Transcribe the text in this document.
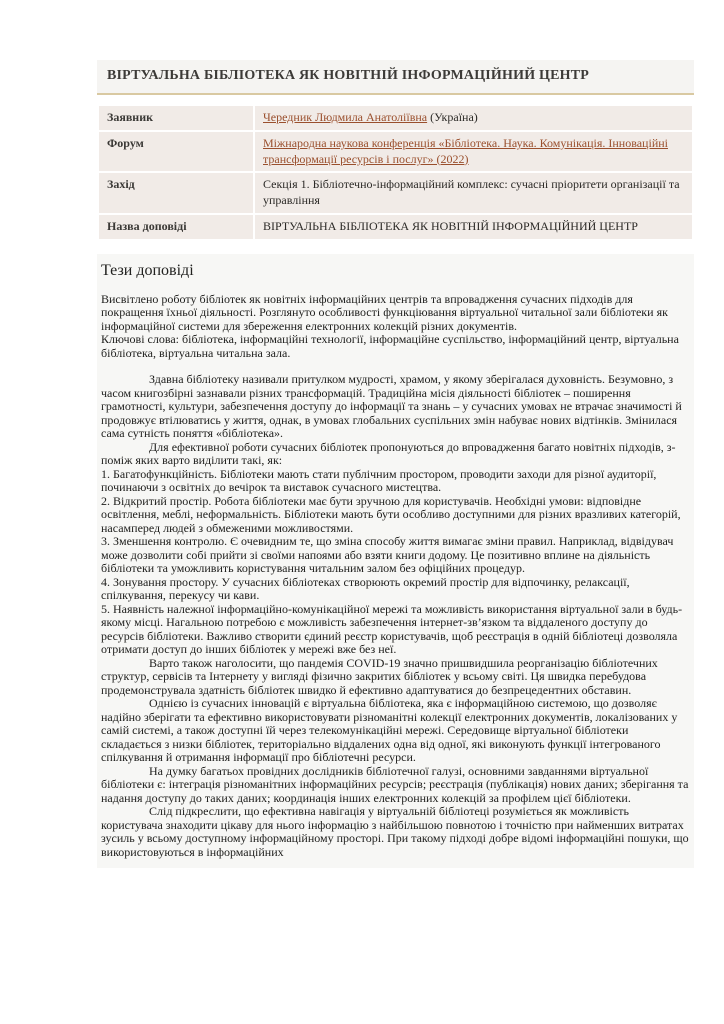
ВІРТУАЛЬНА БІБЛІОТЕКА ЯК НОВІТНІЙ ІНФОРМАЦІЙНИЙ ЦЕНТР
Заявник	Чередник Людмила Анатоліївна (Україна)
Форум	Міжнародна наукова конференція «Бібліотека. Наука. Комунікація. Інноваційні трансформації ресурсів і послуг» (2022)
Захід	Секція 1. Бібліотечно-інформаційний комплекс: сучасні пріоритети організації та управління
Назва доповіді	ВІРТУАЛЬНА БІБЛІОТЕКА ЯК НОВІТНІЙ ІНФОРМАЦІЙНИЙ ЦЕНТР
Тези доповіді

Висвітлено роботу бібліотек як новітніх інформаційних центрів та впровадження сучасних підходів для покращення їхньої діяльності. Розглянуто особливості функціювання віртуальної читальної зали бібліотеки як інформаційної системи для збереження електронних колекцій різних документів.

Ключові слова: бібліотека, інформаційні технології, інформаційне суспільство, інформаційний центр, віртуальна бібліотека, віртуальна читальна зала.

Здавна бібліотеку називали притулком мудрості, храмом, у якому зберігалася духовність. Безумовно, з часом книгозбірні зазнавали різних трансформацій. Традиційна місія діяльності бібліотек – поширення грамотності, культури, забезпечення доступу до інформації та знань – у сучасних умовах не втрачає значимості й продовжує втілюватись у життя, однак, в умовах глобальних суспільних змін набуває нових відтінків. Змінилася сама сутність поняття «бібліотека».

Для ефективної роботи сучасних бібліотек пропонуються до впровадження багато новітніх підходів, з-поміж яких варто виділити такі, як:

1. Багатофункційність. Бібліотеки мають стати публічним простором, проводити заходи для різної аудиторії, починаючи з освітніх до вечірок та виставок сучасного мистецтва.

2. Відкритий простір. Робота бібліотеки має бути зручною для користувачів. Необхідні умови: відповідне освітлення, меблі, неформальність. Бібліотеки мають бути особливо доступними для різних вразливих категорій, насамперед людей з обмеженими можливостями.

3. Зменшення контролю. Є очевидним те, що зміна способу життя вимагає зміни правил. Наприклад, відвідувач може дозволити собі прийти зі своїми напоями або взяти книги додому. Це позитивно вплине на діяльність бібліотеки та уможливить користування читальним залом без офіційних процедур.

4. Зонування простору. У сучасних бібліотеках створюють окремий простір для відпочинку, релаксації, спілкування, перекусу чи кави.

5. Наявність належної інформаційно-комунікаційної мережі та можливість використання віртуальної зали в будь-якому місці. Нагальною потребою є можливість забезпечення інтернет-зв’язком та віддаленого доступу до ресурсів бібліотеки. Важливо створити єдиний реєстр користувачів, щоб реєстрація в одній бібліотеці дозволяла отримати доступ до інших бібліотек у мережі вже без неї.

Варто також наголосити, що пандемія COVID-19 значно пришвидшила реорганізацію бібліотечних структур, сервісів та Інтернету у вигляді фізично закритих бібліотек у всьому світі. Ця швидка перебудова продемонструвала здатність бібліотек швидко й ефективно адаптуватися до безпрецедентних обставин.

Однією із сучасних інновацій є віртуальна бібліотека, яка є інформаційною системою, що дозволяє надійно зберігати та ефективно використовувати різноманітні колекції електронних документів, локалізованих у самій системі, а також доступні їй через телекомунікаційні мережі. Середовище віртуальної бібліотеки складається з низки бібліотек, територіально віддалених одна від одної, які виконують функції інтегрованого спілкування й отримання інформації про бібліотечні ресурси.

На думку багатьох провідних дослідників бібліотечної галузі, основними завданнями віртуальної бібліотеки є: інтеграція різноманітних інформаційних ресурсів; реєстрація (публікація) нових даних; зберігання та надання доступу до таких даних; координація інших електронних колекцій за профілем цієї бібліотеки.

Слід підкреслити, що ефективна навігація у віртуальній бібліотеці розуміється як можливість користувача знаходити цікаву для нього інформацію з найбільшою повнотою і точністю при найменших витратах зусиль у всьому доступному інформаційному просторі. При такому підході добре відомі інформаційні пошуки, що використовуються в інформаційних
